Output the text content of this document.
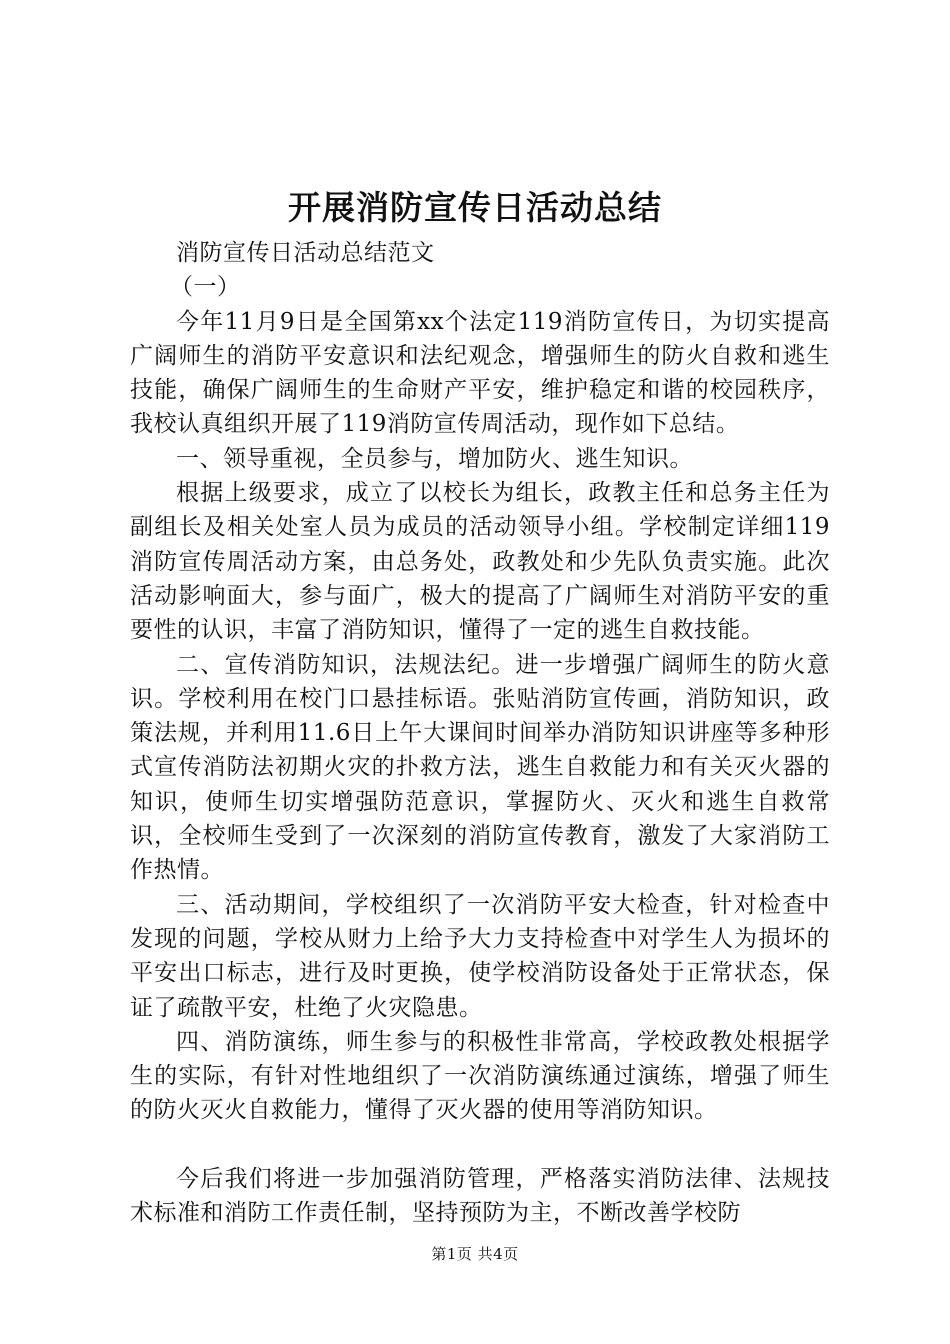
开展消防宣传日活动总结

消防宣传日活动总结范文

（一）

今年11月9日是全国第xx个法定119消防宣传日，为切实提高广阔师生的消防平安意识和法纪观念，增强师生的防火自救和逃生技能，确保广阔师生的生命财产平安，维护稳定和谐的校园秩序，我校认真组织开展了119消防宣传周活动，现作如下总结。

一、领导重视，全员参与，增加防火、逃生知识。

根据上级要求，成立了以校长为组长，政教主任和总务主任为副组长及相关处室人员为成员的活动领导小组。学校制定详细119消防宣传周活动方案，由总务处，政教处和少先队负责实施。此次活动影响面大，参与面广，极大的提高了广阔师生对消防平安的重要性的认识，丰富了消防知识，懂得了一定的逃生自救技能。

二、宣传消防知识，法规法纪。进一步增强广阔师生的防火意识。学校利用在校门口悬挂标语。张贴消防宣传画，消防知识，政策法规，并利用11.6日上午大课间时间举办消防知识讲座等多种形式宣传消防法初期火灾的扑救方法，逃生自救能力和有关灭火器的知识，使师生切实增强防范意识，掌握防火、灭火和逃生自救常识，全校师生受到了一次深刻的消防宣传教育，激发了大家消防工作热情。

三、活动期间，学校组织了一次消防平安大检查，针对检查中发现的问题，学校从财力上给予大力支持检查中对学生人为损坏的平安出口标志，进行及时更换，使学校消防设备处于正常状态，保证了疏散平安，杜绝了火灾隐患。

四、消防演练，师生参与的积极性非常高，学校政教处根据学生的实际，有针对性地组织了一次消防演练通过演练，增强了师生的防火灭火自救能力，懂得了灭火器的使用等消防知识。

今后我们将进一步加强消防管理，严格落实消防法律、法规技术标准和消防工作责任制，坚持预防为主，不断改善学校防

第1页 共4页
